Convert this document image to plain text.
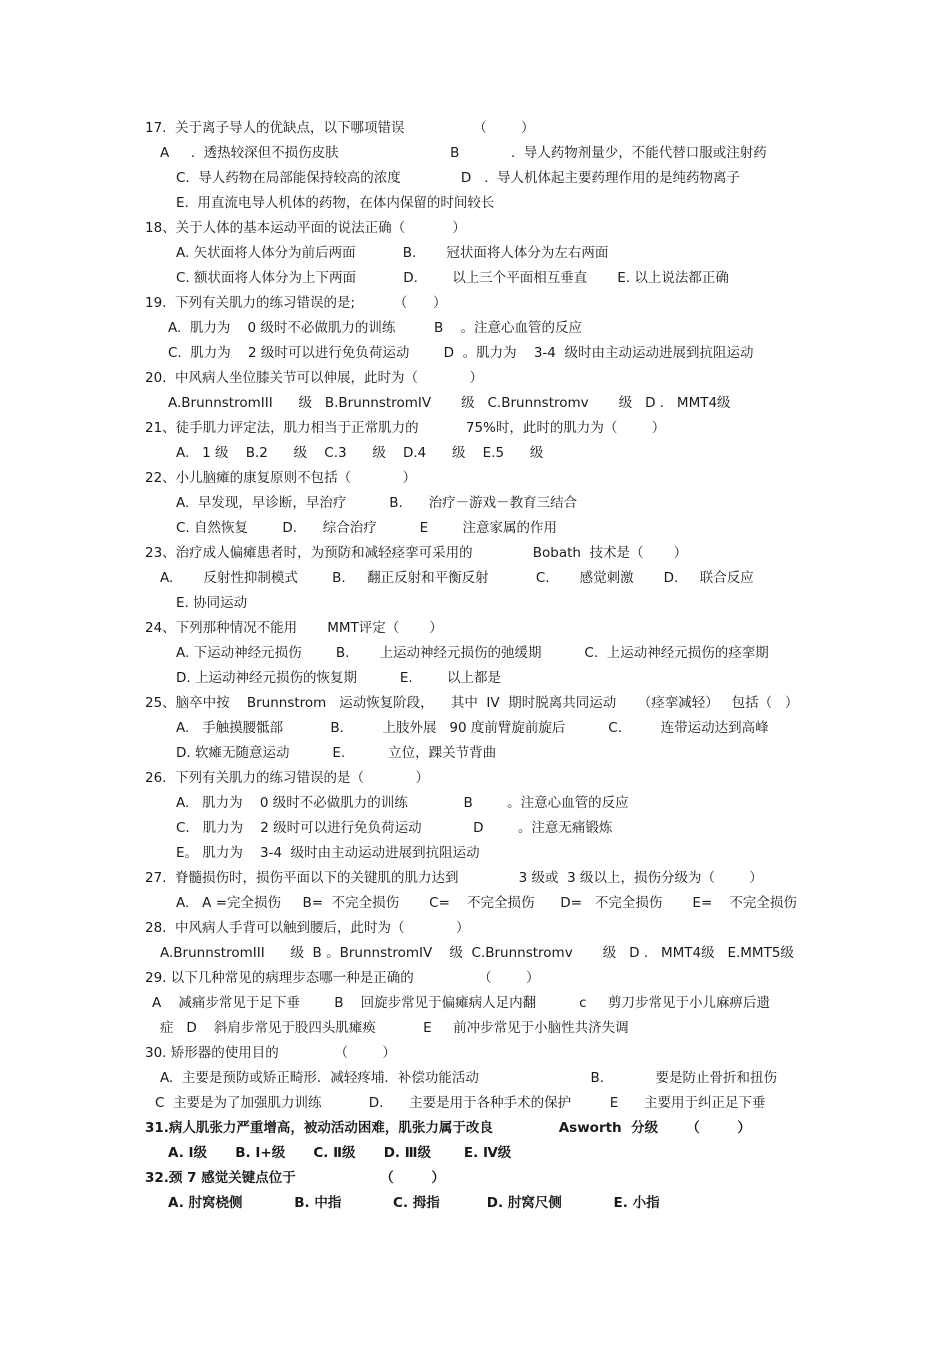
17.  关于离子导人的优缺点，以下哪项错误                （        ）

A     .  透热较深但不损伤皮肤                          B            .  导人药物剂量少，不能代替口服或注射药

C.  导人药物在局部能保持较高的浓度              D   .  导人机体起主要药理作用的是纯药物离子

E.  用直流电导人机体的药物，在体内保留的时间较长

18、关于人体的基本运动平面的说法正确（           ）

A. 矢状面将人体分为前后两面           B.       冠状面将人体分为左右两面

C. 额状面将人体分为上下两面           D.        以上三个平面相互垂直       E. 以上说法都正确

19.  下列有关肌力的练习错误的是;         （      ）

A.  肌力为    0 级时不必做肌力的训练         B    。注意心血管的反应

C.  肌力为    2 级时可以进行免负荷运动        D  。肌力为    3-4  级时由主动运动进展到抗阻运动

20.  中风病人坐位膝关节可以伸展，此时为（            ）

A.BrunnstromIII      级   B.BrunnstromIV       级   C.Brunnstromv       级   D .   MMT4级

21、徒手肌力评定法，肌力相当于正常肌力的           75%时，此时的肌力为（        ）

A.   1 级    B.2      级    C.3      级    D.4      级    E.5      级

22、小儿脑瘫的康复原则不包括（            ）

A.  早发现，早诊断，早治疗          B.      治疗－游戏－教育三结合

C. 自然恢复        D.      综合治疗          E        注意家属的作用

23、治疗成人偏瘫患者时，为预防和减轻痉挛可采用的              Bobath  技术是（       ）

A.       反射性抑制模式        B.     翻正反射和平衡反射           C.       感觉刺激       D.     联合反应

E. 协同运动

24、下列那种情况不能用       MMT评定（       ）

A. 下运动神经元损伤        B.       上运动神经元损伤的弛缓期          C.  上运动神经元损伤的痉挛期

D. 上运动神经元损伤的恢复期          E.        以上都是

25、脑卒中按    Brunnstrom   运动恢复阶段，    其中  IV  期时脱离共同运动     （痉挛减轻）   包括（   ）

A.   手触摸腰骶部           B.         上肢外展   90 度前臂旋前旋后          C.         连带运动达到高峰

D. 软瘫无随意运动          E.          立位，踝关节背曲

26.  下列有关肌力的练习错误的是（            ）

A.   肌力为    0 级时不必做肌力的训练             B        。注意心血管的反应

C.   肌力为    2 级时可以进行免负荷运动            D        。注意无痛锻炼

E。 肌力为    3-4  级时由主动运动进展到抗阻运动

27.  脊髓损伤时，损伤平面以下的关键肌的肌力达到              3 级或  3 级以上，损伤分级为（        ）

A.   A =完全损伤     B=  不完全损伤       C=    不完全损伤      D=   不完全损伤       E=    不完全损伤

28.  中风病人手背可以触到腰后，此时为（            ）

A.BrunnstromIII      级  B 。BrunnstromIV    级  C.Brunnstromv       级   D .   MMT4级   E.MMT5级

29. 以下几种常见的病理步态哪一种是正确的               （        ）

A    减痛步常见于足下垂        B    回旋步常见于偏瘫病人足内翻          c     剪刀步常见于小儿麻痹后遗

症   D    斜肩步常见于股四头肌瘫痪           E     前冲步常见于小脑性共济失调

30. 矫形器的使用目的             （        ）

A.  主要是预防或矫正畸形．减轻疼埔．补偿功能活动                          B.            要是防止骨折和扭伤

C  主要是为了加强肌力训练           D.      主要是用于各种手术的保护         E      主要用于纠正足下垂

31.病人肌张力严重增高，被动活动困难，肌张力属于改良              Asworth  分级      （        ）

A. Ⅰ级      B. Ⅰ+级      C. Ⅱ级      D. Ⅲ级       E. Ⅳ级

32.颈 7 感觉关键点位于                  （        ）

A. 肘窝桡侧           B. 中指           C. 拇指          D. 肘窝尺侧           E. 小指
